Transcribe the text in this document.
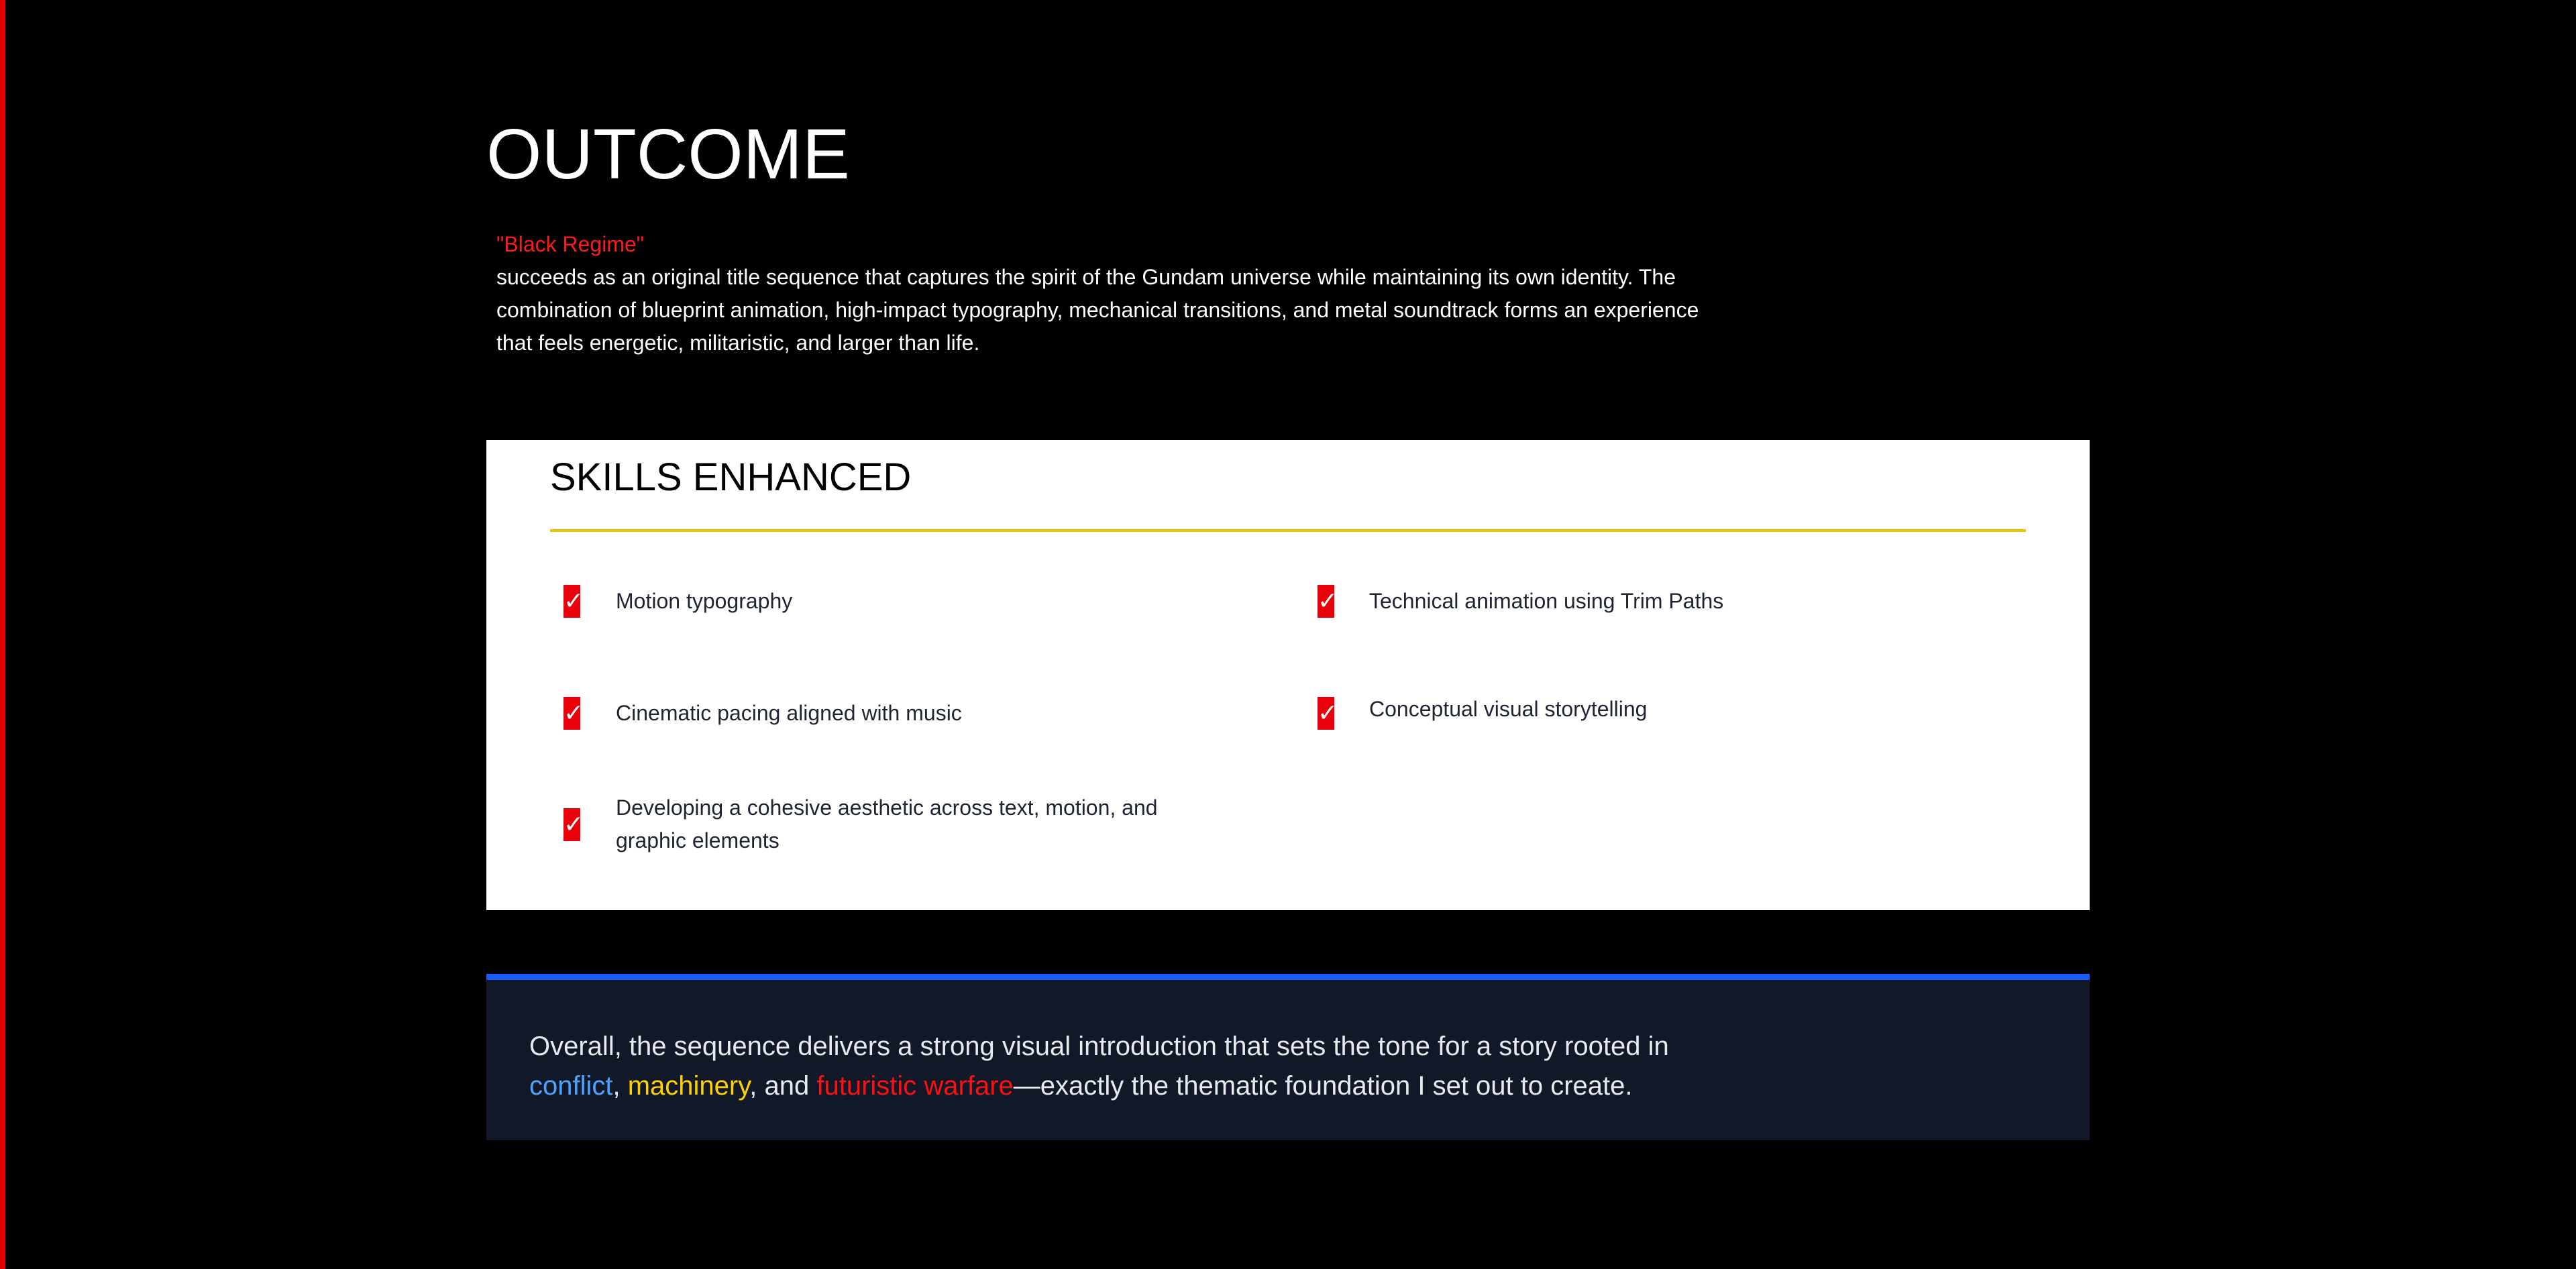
OUTCOME
"Black Regime"
succeeds as an original title sequence that captures the spirit of the Gundam universe while maintaining its own identity. The combination of blueprint animation, high-impact typography, mechanical transitions, and metal soundtrack forms an experience that feels energetic, militaristic, and larger than life.
SKILLS ENHANCED
✓ Motion typography	✓ Technical animation using Trim Paths
✓ Cinematic pacing aligned with music	✓ Conceptual visual storytelling
✓
Developing a cohesive aesthetic across text, motion, and graphic elements

Overall, the sequence delivers a strong visual introduction that sets the tone for a story rooted in conflict, machinery, and futuristic warfare—exactly the thematic foundation I set out to create.
